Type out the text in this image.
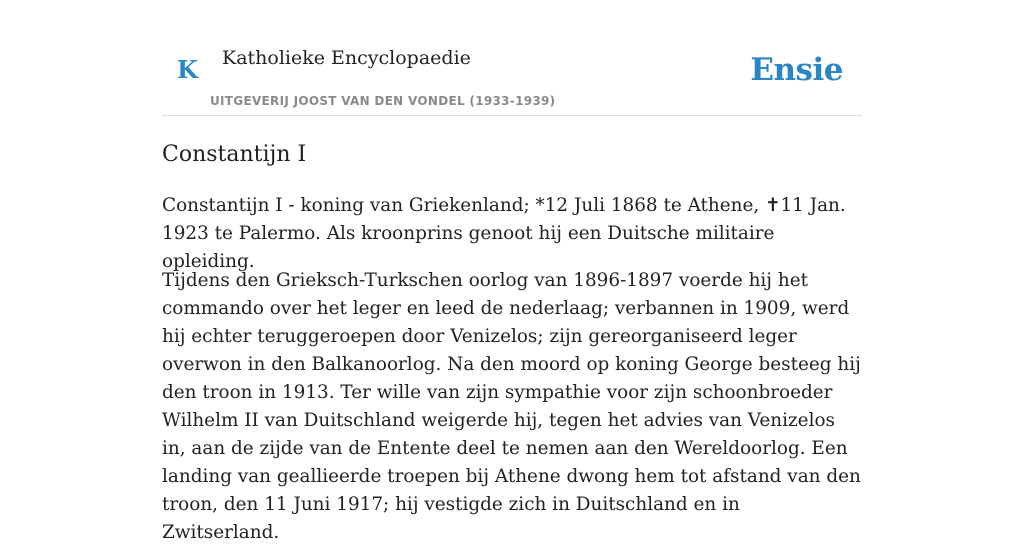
K Katholieke Encyclopaedie
UITGEVERIJ JOOST VAN DEN VONDEL (1933-1939)
Ensie
Constantijn I

Constantijn I - koning van Griekenland; *12 Juli 1868 te Athene, ✝11 Jan. 1923 te Palermo. Als kroonprins genoot hij een Duitsche militaire opleiding.

Tijdens den Grieksch-Turkschen oorlog van 1896-1897 voerde hij het commando over het leger en leed de nederlaag; verbannen in 1909, werd hij echter teruggeroepen door Venizelos; zijn gereorganiseerd leger overwon in den Balkanoorlog. Na den moord op koning George besteeg hij den troon in 1913. Ter wille van zijn sympathie voor zijn schoonbroeder Wilhelm II van Duitschland weigerde hij, tegen het advies van Venizelos in, aan de zijde van de Entente deel te nemen aan den Wereldoorlog. Een landing van geallieerde troepen bij Athene dwong hem tot afstand van den troon, den 11 Juni 1917; hij vestigde zich in Duitschland en in Zwitserland.
